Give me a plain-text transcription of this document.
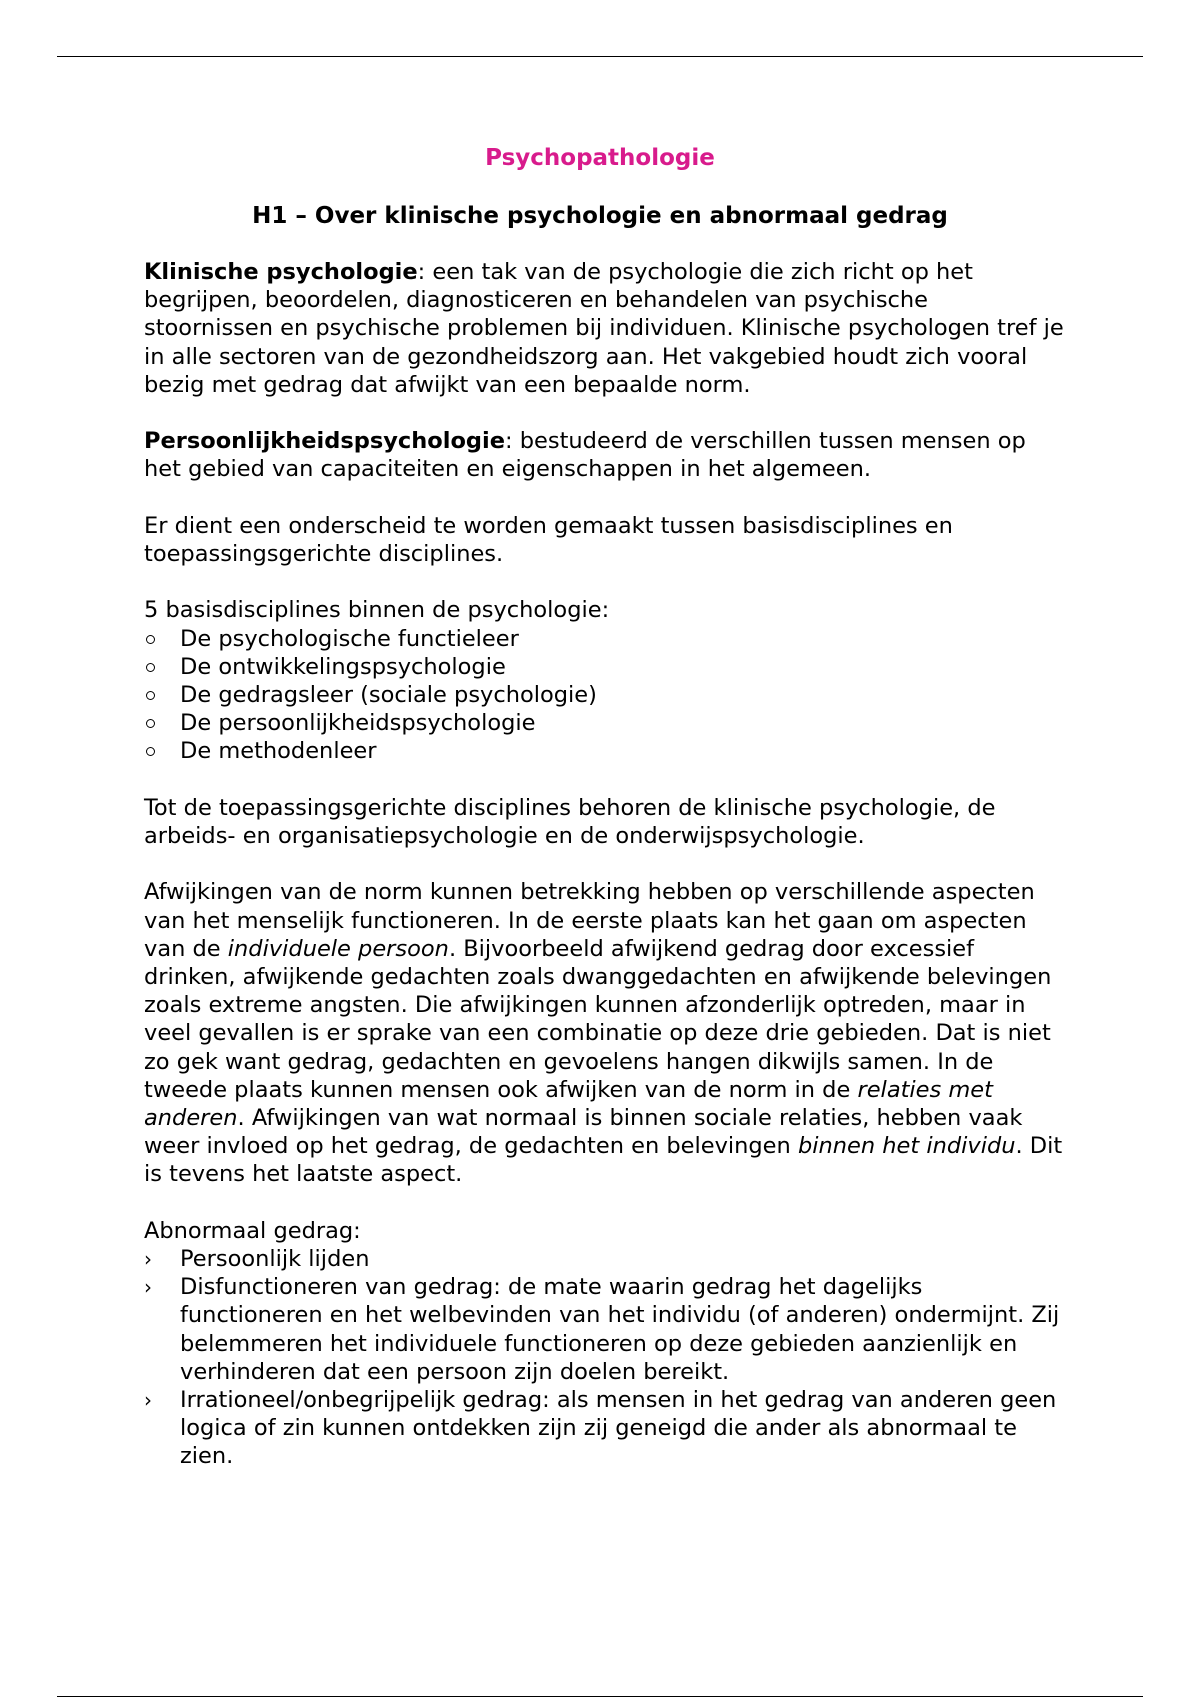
Psychopathologie
H1 – Over klinische psychologie en abnormaal gedrag

Klinische psychologie: een tak van de psychologie die zich richt op het begrijpen, beoordelen, diagnosticeren en behandelen van psychische stoornissen en psychische problemen bij individuen. Klinische psychologen tref je in alle sectoren van de gezondheidszorg aan. Het vakgebied houdt zich vooral bezig met gedrag dat afwijkt van een bepaalde norm.

Persoonlijkheidspsychologie: bestudeerd de verschillen tussen mensen op het gebied van capaciteiten en eigenschappen in het algemeen.

Er dient een onderscheid te worden gemaakt tussen basisdisciplines en toepassingsgerichte disciplines.

5 basisdisciplines binnen de psychologie:

De psychologische functieleer
De ontwikkelingspsychologie
De gedragsleer (sociale psychologie)
De persoonlijkheidspsychologie
De methodenleer

Tot de toepassingsgerichte disciplines behoren de klinische psychologie, de arbeids- en organisatiepsychologie en de onderwijspsychologie.

Afwijkingen van de norm kunnen betrekking hebben op verschillende aspecten van het menselijk functioneren. In de eerste plaats kan het gaan om aspecten van de individuele persoon. Bijvoorbeeld afwijkend gedrag door excessief drinken, afwijkende gedachten zoals dwanggedachten en afwijkende belevingen zoals extreme angsten. Die afwijkingen kunnen afzonderlijk optreden, maar in veel gevallen is er sprake van een combinatie op deze drie gebieden. Dat is niet zo gek want gedrag, gedachten en gevoelens hangen dikwijls samen. In de tweede plaats kunnen mensen ook afwijken van de norm in de relaties met anderen. Afwijkingen van wat normaal is binnen sociale relaties, hebben vaak weer invloed op het gedrag, de gedachten en belevingen binnen het individu. Dit is tevens het laatste aspect.

Abnormaal gedrag:

›	Persoonlijk lijden
›	Disfunctioneren van gedrag: de mate waarin gedrag het dagelijks functioneren en het welbevinden van het individu (of anderen) ondermijnt. Zij belemmeren het individuele functioneren op deze gebieden aanzienlijk en verhinderen dat een persoon zijn doelen bereikt.
›	Irrationeel/onbegrijpelijk gedrag: als mensen in het gedrag van anderen geen logica of zin kunnen ontdekken zijn zij geneigd die ander als abnormaal te zien.
